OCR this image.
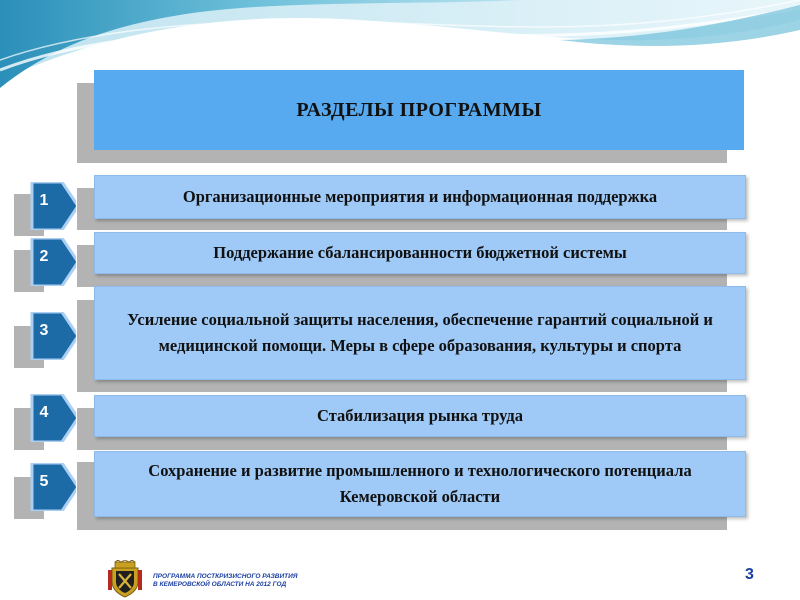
РАЗДЕЛЫ ПРОГРАММЫ
1	Организационные мероприятия и информационная поддержка
2	Поддержание сбалансированности бюджетной системы
3
Усиление социальной защиты населения, обеспечение гарантий социальной и медицинской помощи. Меры в сфере образования, культуры и спорта
4	Стабилизация рынка труда
5
Сохранение и развитие промышленного и технологического потенциала Кемеровской области
ПРОГРАММА ПОСТКРИЗИСНОГО РАЗВИТИЯ
В КЕМЕРОВСКОЙ ОБЛАСТИ НА 2012 ГОД
3
